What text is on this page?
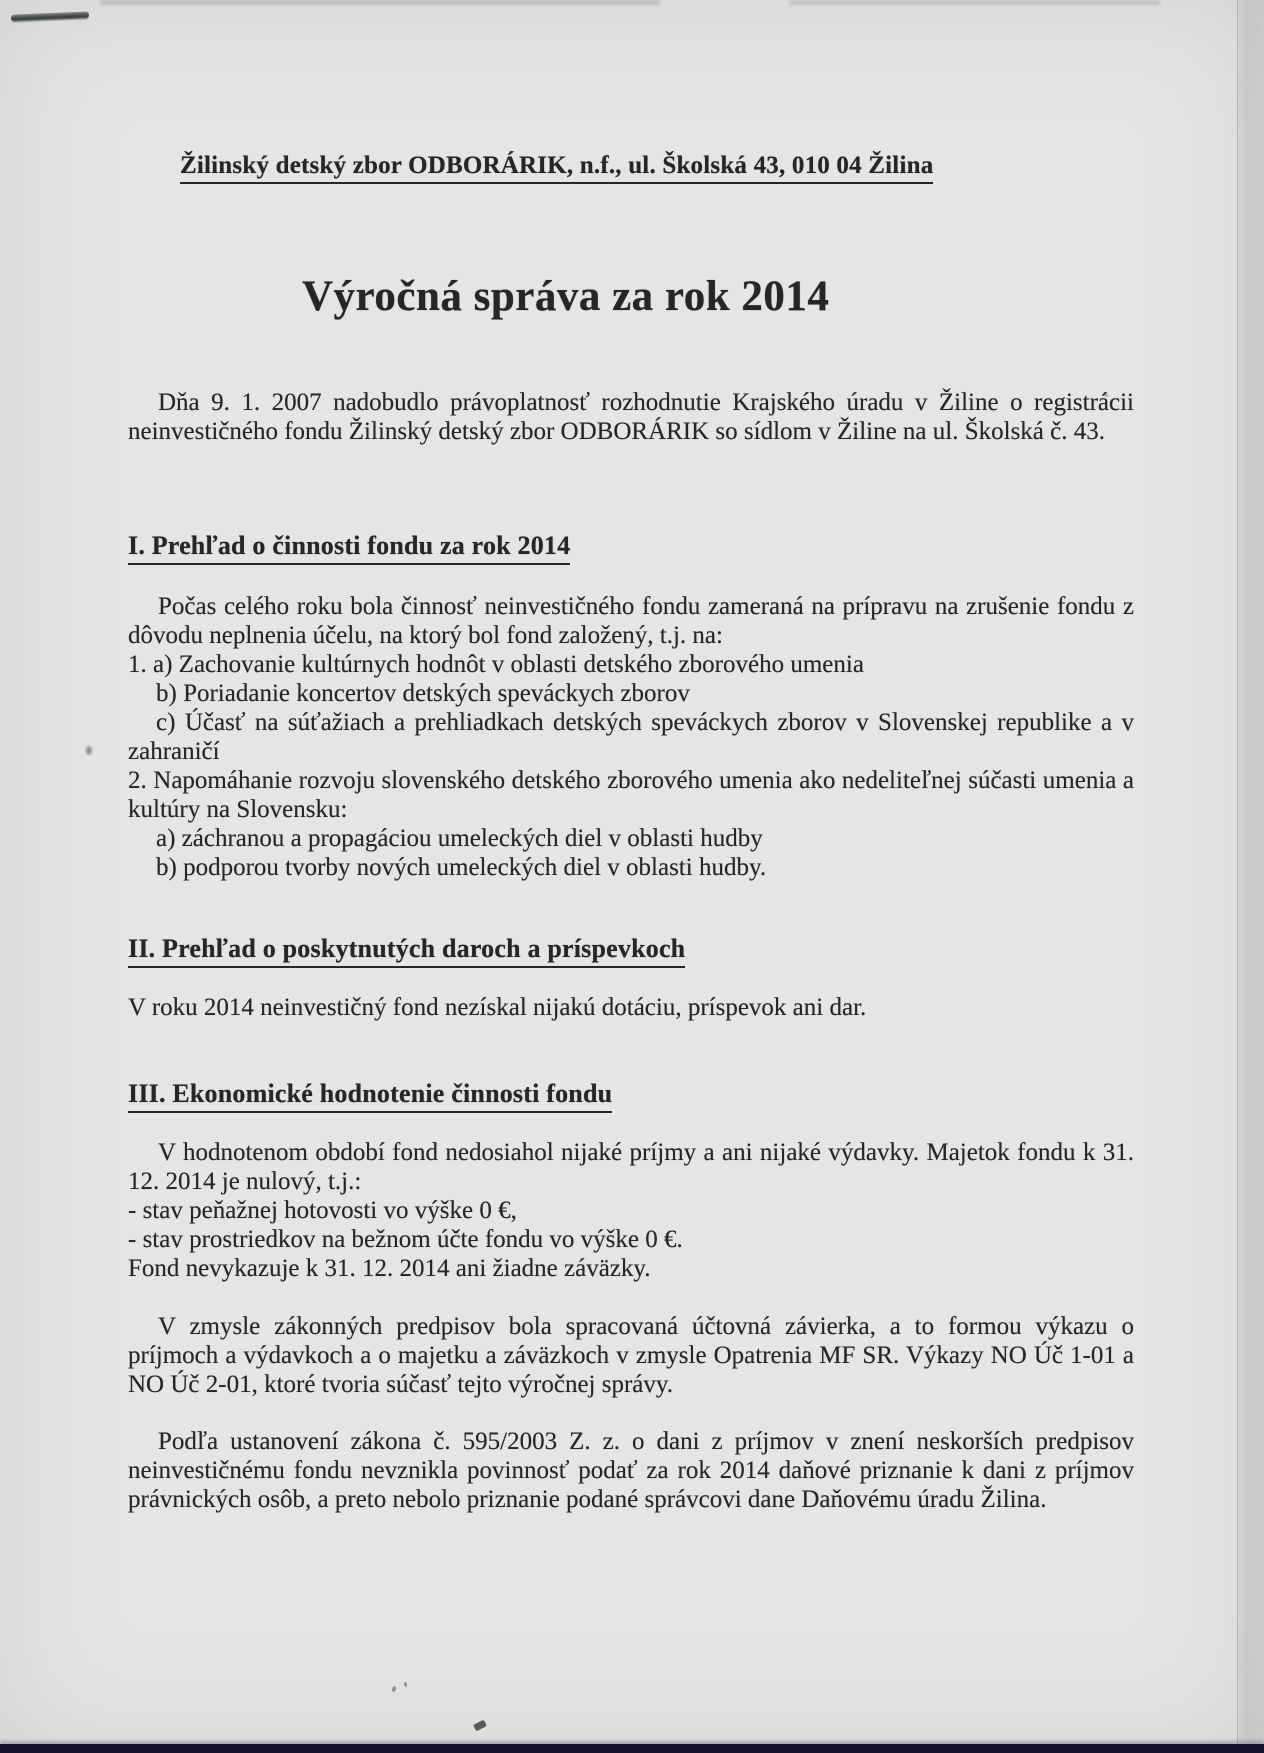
Žilinský detský zbor ODBORÁRIK, n.f., ul. Školská 43, 010 04 Žilina
Výročná správa za rok 2014

Dňa 9. 1. 2007 nadobudlo právoplatnosť rozhodnutie Krajského úradu v Žiline o registrácii neinvestičného fondu Žilinský detský zbor ODBORÁRIK so sídlom v Žiline na ul. Školská č. 43.

I. Prehľad o činnosti fondu za rok 2014

Počas celého roku bola činnosť neinvestičného fondu zameraná na prípravu na zrušenie fondu z dôvodu neplnenia účelu, na ktorý bol fond založený, t.j. na:

1. a) Zachovanie kultúrnych hodnôt v oblasti detského zborového umenia
b) Poriadanie koncertov detských speváckych zborov
c) Účasť na súťažiach a prehliadkach detských speváckych zborov v Slovenskej republike a v zahraničí
2. Napomáhanie rozvoju slovenského detského zborového umenia ako nedeliteľnej súčasti umenia a kultúry na Slovensku:
a) záchranou a propagáciou umeleckých diel v oblasti hudby
b) podporou tvorby nových umeleckých diel v oblasti hudby.
II. Prehľad o poskytnutých daroch a príspevkoch

V roku 2014 neinvestičný fond nezískal nijakú dotáciu, príspevok ani dar.

III. Ekonomické hodnotenie činnosti fondu

V hodnotenom období fond nedosiahol nijaké príjmy a ani nijaké výdavky. Majetok fondu k 31. 12. 2014 je nulový, t.j.:

- stav peňažnej hotovosti vo výške 0 €,
- stav prostriedkov na bežnom účte fondu vo výške 0 €.
Fond nevykazuje k 31. 12. 2014 ani žiadne záväzky.

V zmysle zákonných predpisov bola spracovaná účtovná závierka, a to formou výkazu o príjmoch a výdavkoch a o majetku a záväzkoch v zmysle Opatrenia MF SR. Výkazy NO Úč 1-01 a NO Úč 2-01, ktoré tvoria súčasť tejto výročnej správy.

Podľa ustanovení zákona č. 595/2003 Z. z. o dani z príjmov v znení neskorších predpisov neinvestičnému fondu nevznikla povinnosť podať za rok 2014 daňové priznanie k dani z príjmov právnických osôb, a preto nebolo priznanie podané správcovi dane Daňovému úradu Žilina.
